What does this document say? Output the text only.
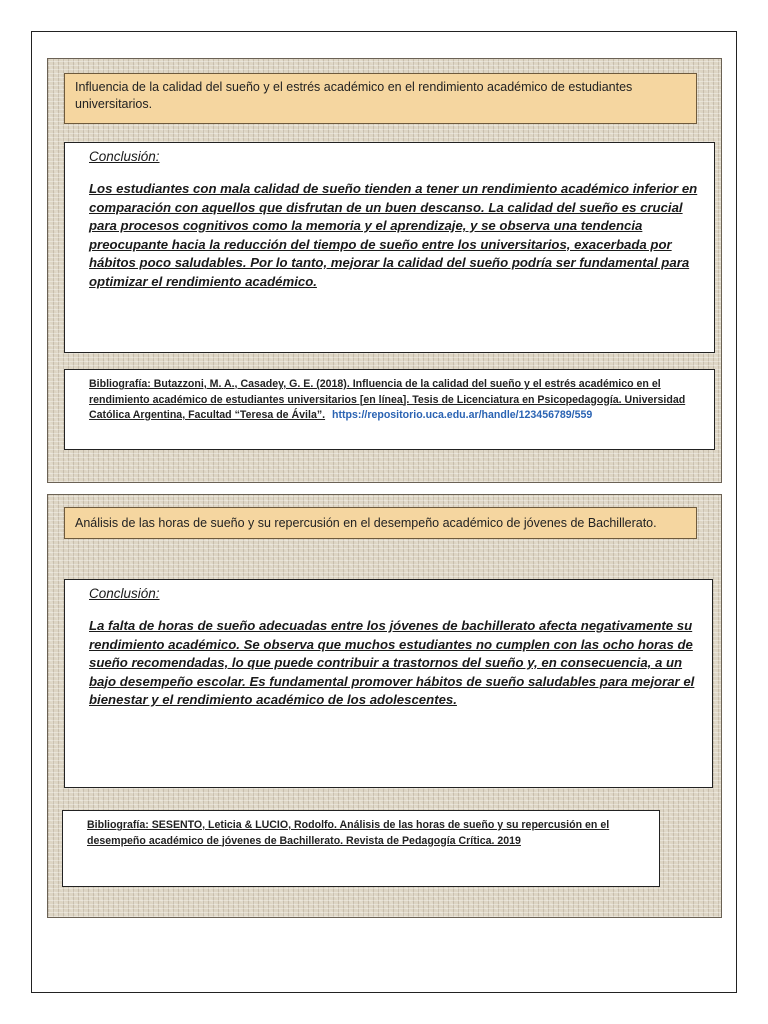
Influencia de la calidad del sueño y el estrés académico en el rendimiento académico de estudiantes universitarios.

Conclusión:

Los estudiantes con mala calidad de sueño tienden a tener un rendimiento académico inferior en comparación con aquellos que disfrutan de un buen descanso. La calidad del sueño es crucial para procesos cognitivos como la memoria y el aprendizaje, y se observa una tendencia preocupante hacia la reducción del tiempo de sueño entre los universitarios, exacerbada por hábitos poco saludables. Por lo tanto, mejorar la calidad del sueño podría ser fundamental para optimizar el rendimiento académico.

Bibliografía: Butazzoni, M. A., Casadey, G. E. (2018). Influencia de la calidad del sueño y el estrés académico en el rendimiento académico de estudiantes universitarios [en línea]. Tesis de Licenciatura en Psicopedagogía. Universidad Católica Argentina, Facultad “Teresa de Ávila”. https://repositorio.uca.edu.ar/handle/123456789/559
Análisis de las horas de sueño y su repercusión en el desempeño académico de jóvenes de Bachillerato.

Conclusión:

La falta de horas de sueño adecuadas entre los jóvenes de bachillerato afecta negativamente su rendimiento académico. Se observa que muchos estudiantes no cumplen con las ocho horas de sueño recomendadas, lo que puede contribuir a trastornos del sueño y, en consecuencia, a un bajo desempeño escolar. Es fundamental promover hábitos de sueño saludables para mejorar el bienestar y el rendimiento académico de los adolescentes.

Bibliografía: SESENTO, Leticia & LUCIO, Rodolfo. Análisis de las horas de sueño y su repercusión en el desempeño académico de jóvenes de Bachillerato. Revista de Pedagogía Crítica. 2019
